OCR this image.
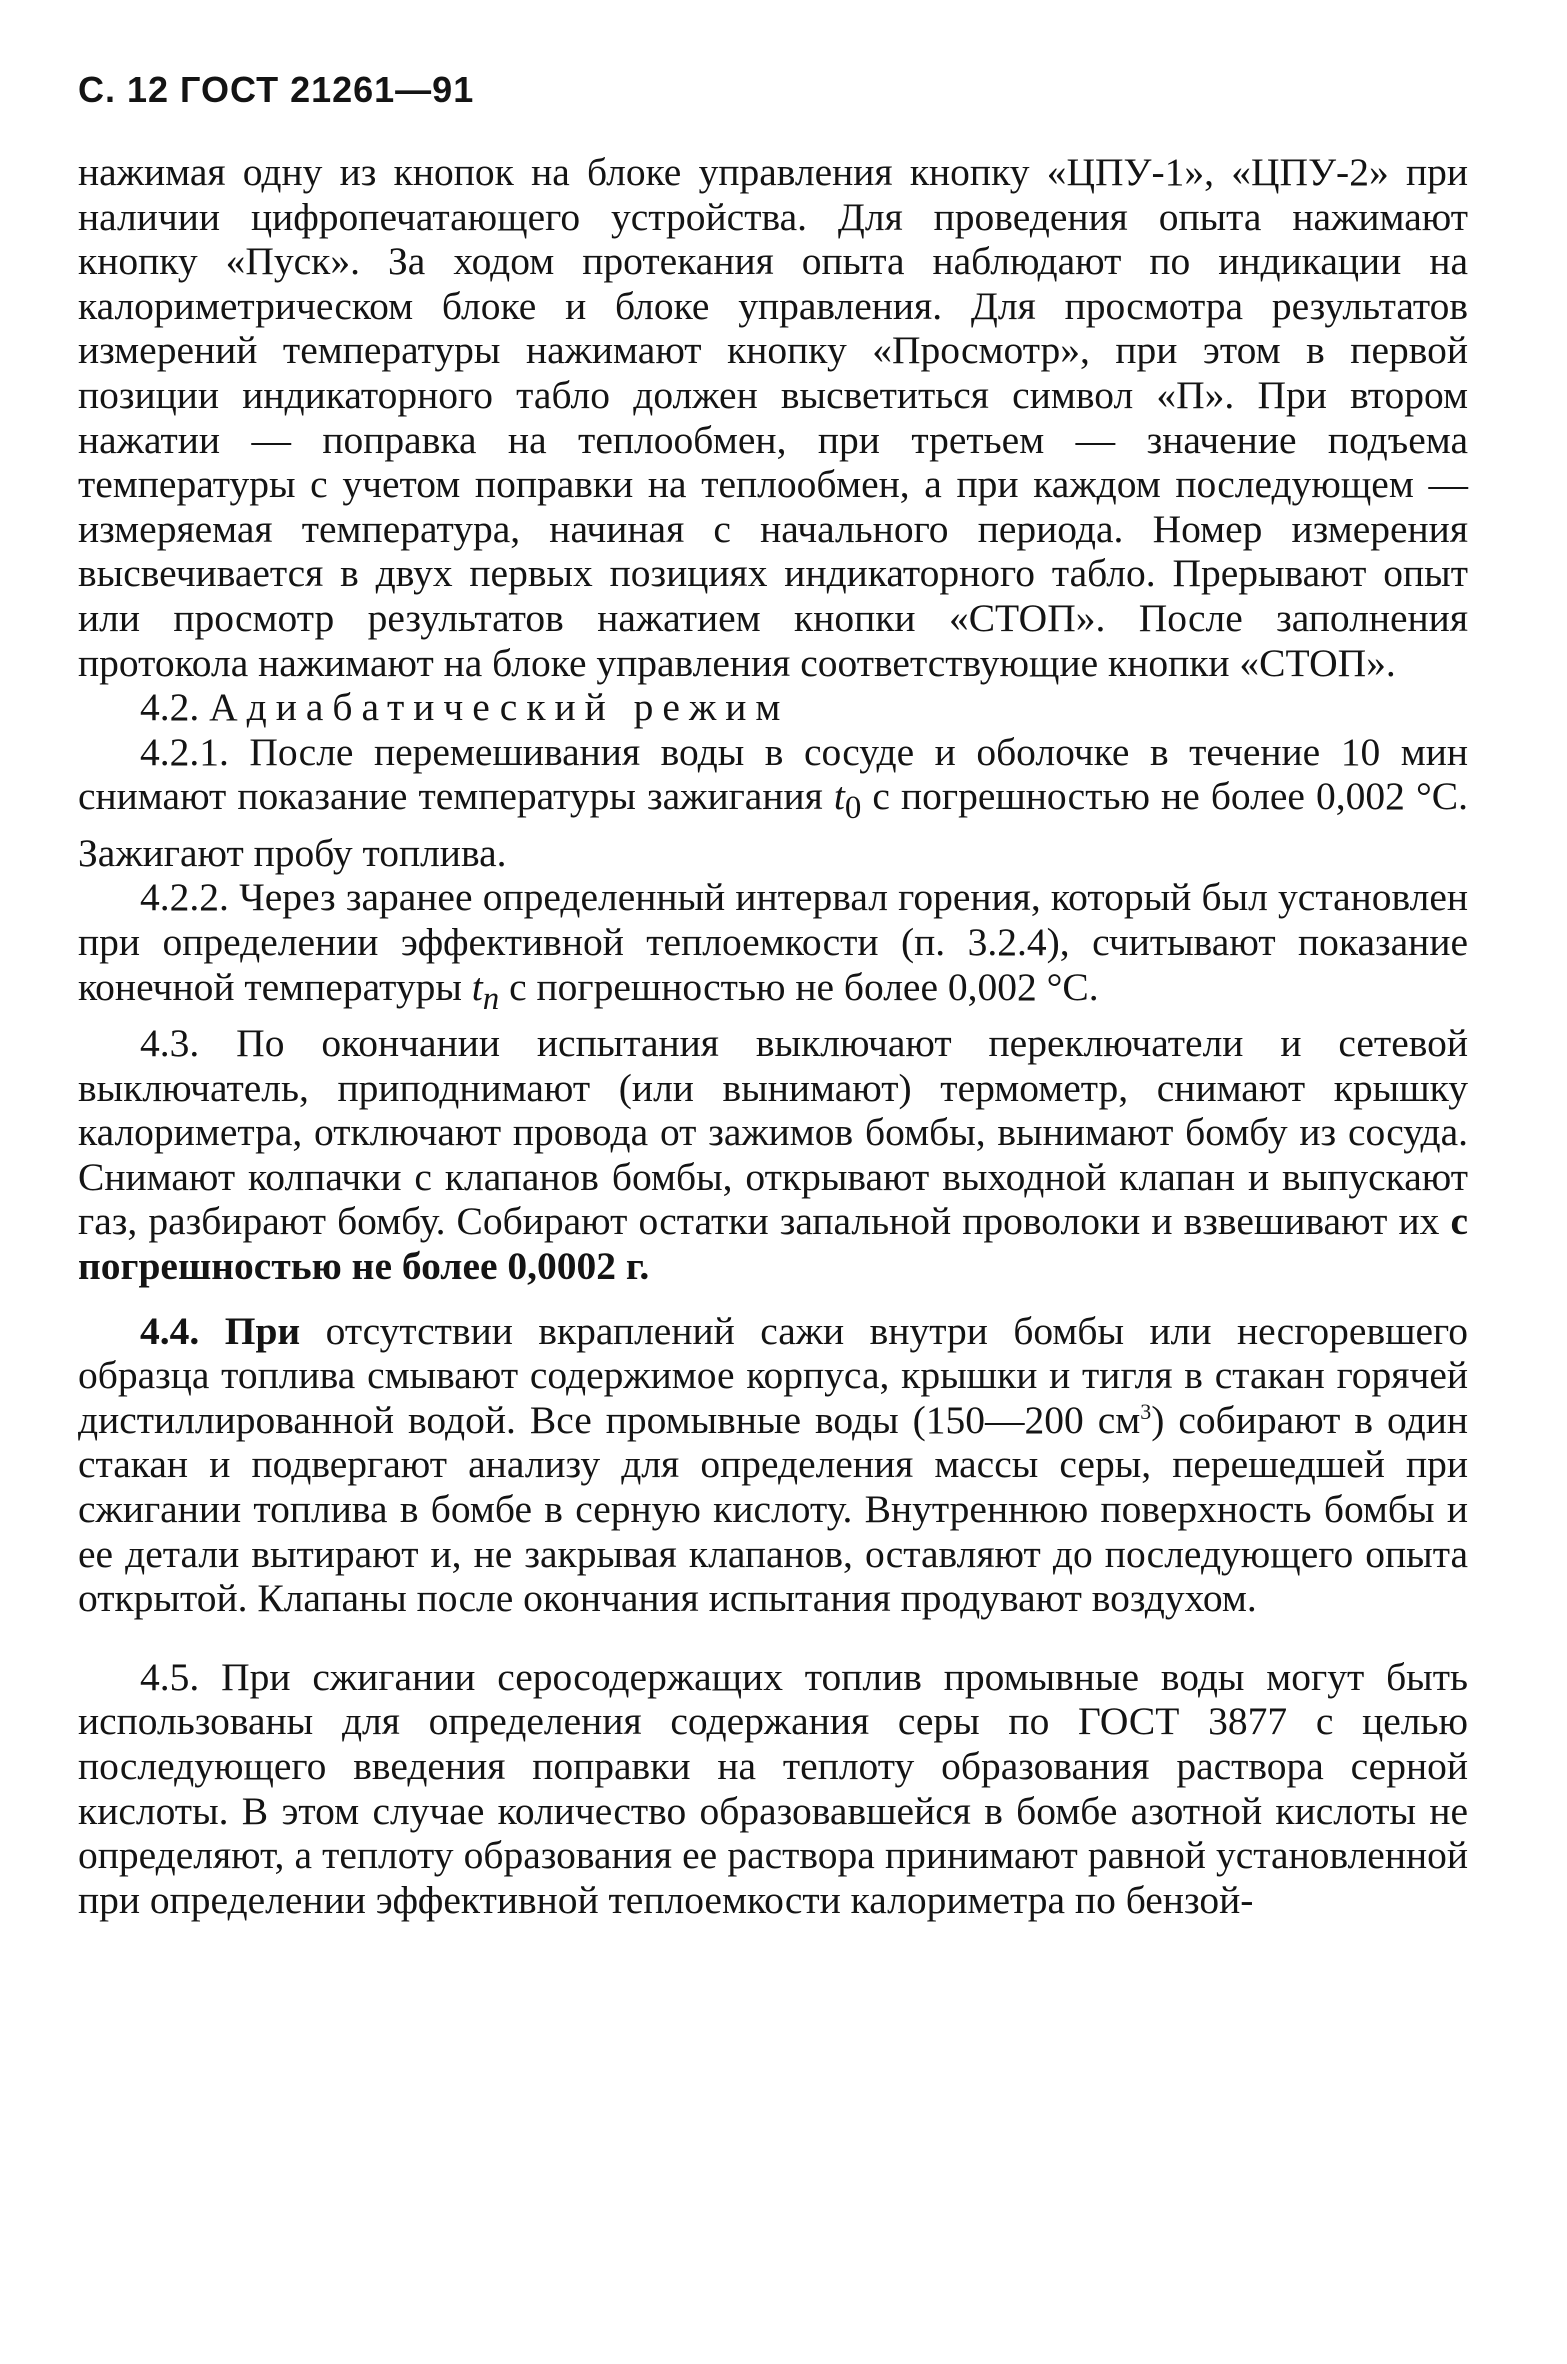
С. 12 ГОСТ 21261—91

нажимая одну из кнопок на блоке управления кнопку «ЦПУ-1», «ЦПУ-2» при наличии цифропечатающего устройства. Для проведения опыта нажимают кнопку «Пуск». За ходом протекания опыта наблюдают по индикации на калориметрическом блоке и блоке управления. Для просмотра результатов измерений температуры нажимают кнопку «Просмотр», при этом в первой позиции индикаторного табло должен высветиться символ «П». При втором нажатии — поправка на теплообмен, при третьем — значение подъема температуры с учетом поправки на теплообмен, а при каждом последующем — измеряемая температура, начиная с начального периода. Номер измерения высвечивается в двух первых позициях индикаторного табло. Прерывают опыт или просмотр результатов нажатием кнопки «СТОП». После заполнения протокола нажимают на блоке управления соответствующие кнопки «СТОП».

4.2. Адиабатический режим

4.2.1. После перемешивания воды в сосуде и оболочке в течение 10 мин снимают показание температуры зажигания $t_0$ с погрешностью не более 0,002 °С. Зажигают пробу топлива.

4.2.2. Через заранее определенный интервал горения, который был установлен при определении эффективной теплоемкости (п. 3.2.4), считывают показание конечной температуры $t_n$ с погрешностью не более 0,002 °С.

4.3. По окончании испытания выключают переключатели и сетевой выключатель, приподнимают (или вынимают) термометр, снимают крышку калориметра, отключают провода от зажимов бомбы, вынимают бомбу из сосуда. Снимают колпачки с клапанов бомбы, открывают выходной клапан и выпускают газ, разбирают бомбу. Собирают остатки запальной проволоки и взвешивают их с погрешностью не более 0,0002 г.

4.4. При отсутствии вкраплений сажи внутри бомбы или несгоревшего образца топлива смывают содержимое корпуса, крышки и тигля в стакан горячей дистиллированной водой. Все промывные воды (150—200 $см^3$) собирают в один стакан и подвергают анализу для определения массы серы, перешедшей при сжигании топлива в бомбе в серную кислоту. Внутреннюю поверхность бомбы и ее детали вытирают и, не закрывая клапанов, оставляют до последующего опыта открытой. Клапаны после окончания испытания продувают воздухом.

4.5. При сжигании серосодержащих топлив промывные воды могут быть использованы для определения содержания серы по ГОСТ 3877 с целью последующего введения поправки на теплоту образования раствора серной кислоты. В этом случае количество образовавшейся в бомбе азотной кислоты не определяют, а теплоту образования ее раствора принимают равной установленной при определении эффективной теплоемкости калориметра по бензой-
